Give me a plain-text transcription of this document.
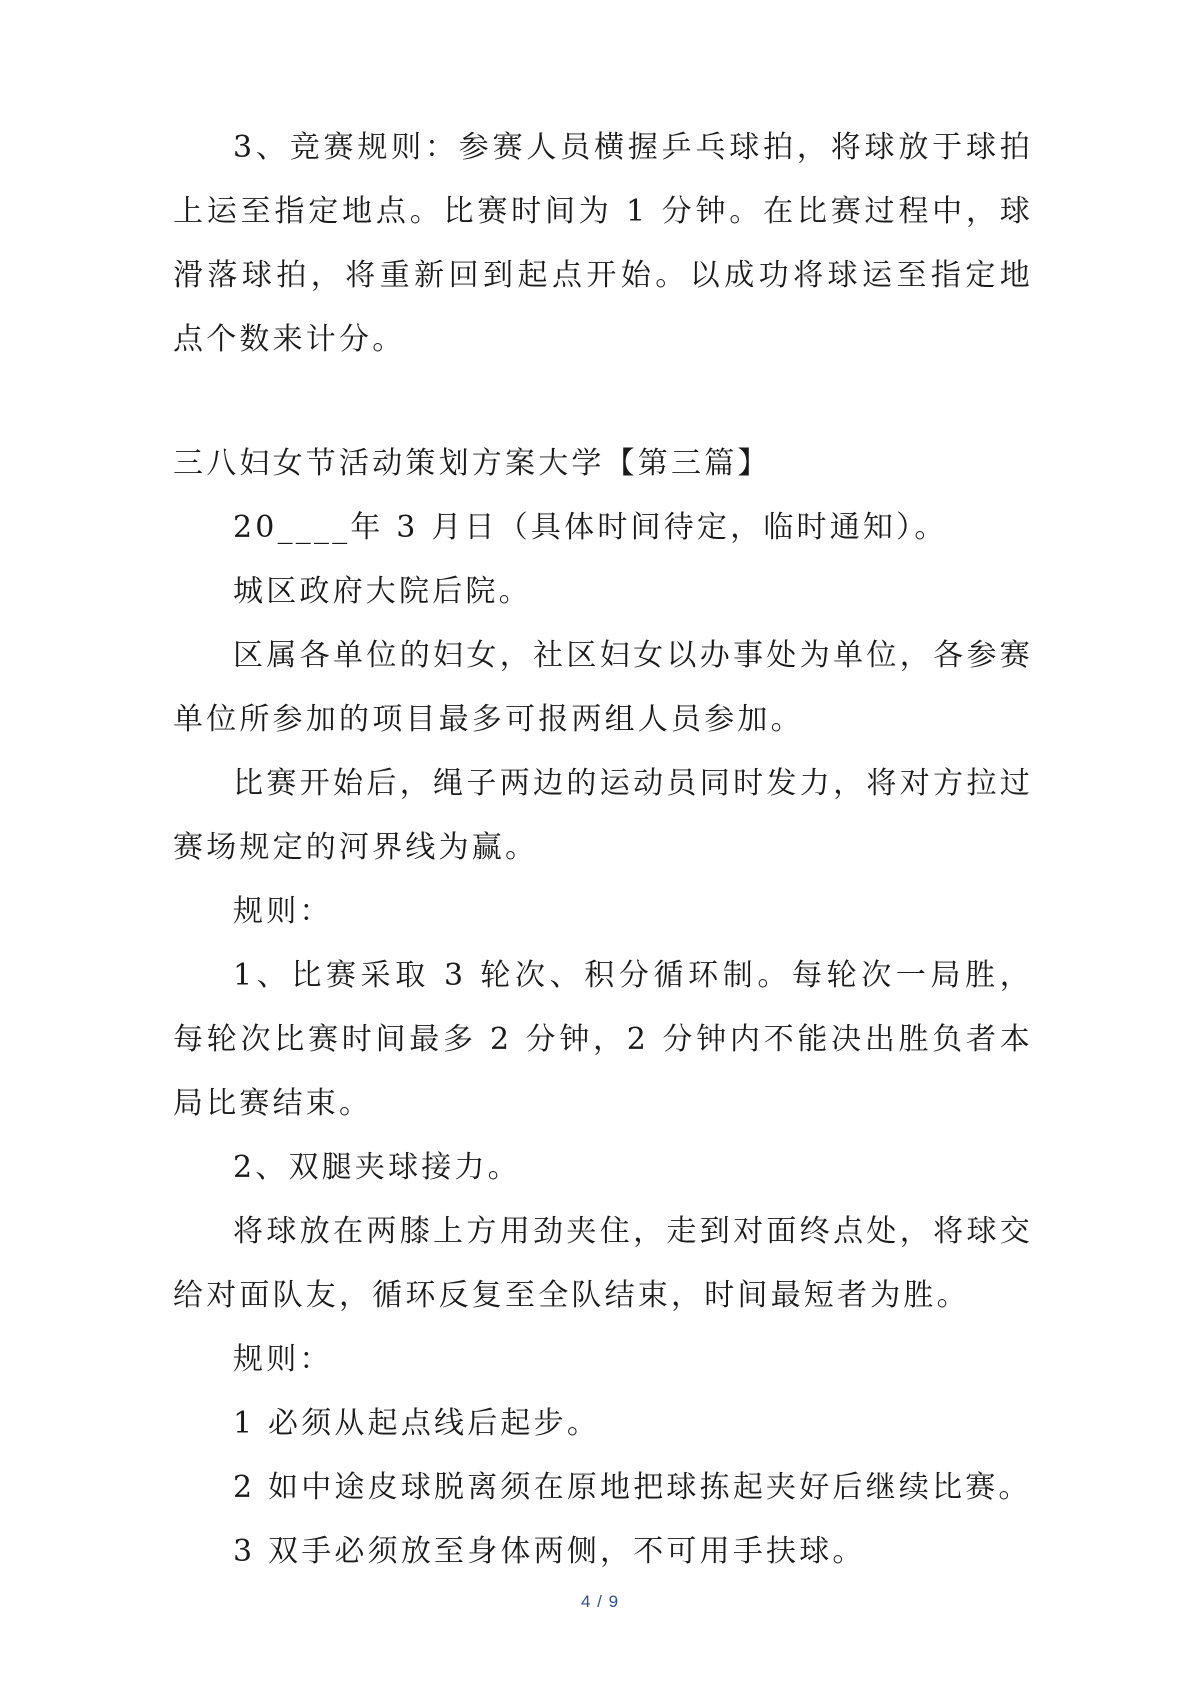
3、竞赛规则：参赛人员横握乒乓球拍，将球放于球拍上运至指定地点。比赛时间为 1 分钟。在比赛过程中，球滑落球拍，将重新回到起点开始。以成功将球运至指定地点个数来计分。

三八妇女节活动策划方案大学【第三篇】

20____年 3 月日（具体时间待定，临时通知）。

城区政府大院后院。

区属各单位的妇女，社区妇女以办事处为单位，各参赛单位所参加的项目最多可报两组人员参加。

比赛开始后，绳子两边的运动员同时发力，将对方拉过赛场规定的河界线为赢。

规则：

1、比赛采取 3 轮次、积分循环制。每轮次一局胜，每轮次比赛时间最多 2 分钟，2 分钟内不能决出胜负者本局比赛结束。

2、双腿夹球接力。

将球放在两膝上方用劲夹住，走到对面终点处，将球交给对面队友，循环反复至全队结束，时间最短者为胜。

规则：

1 必须从起点线后起步。

2 如中途皮球脱离须在原地把球拣起夹好后继续比赛。

3 双手必须放至身体两侧，不可用手扶球。

4 / 9
